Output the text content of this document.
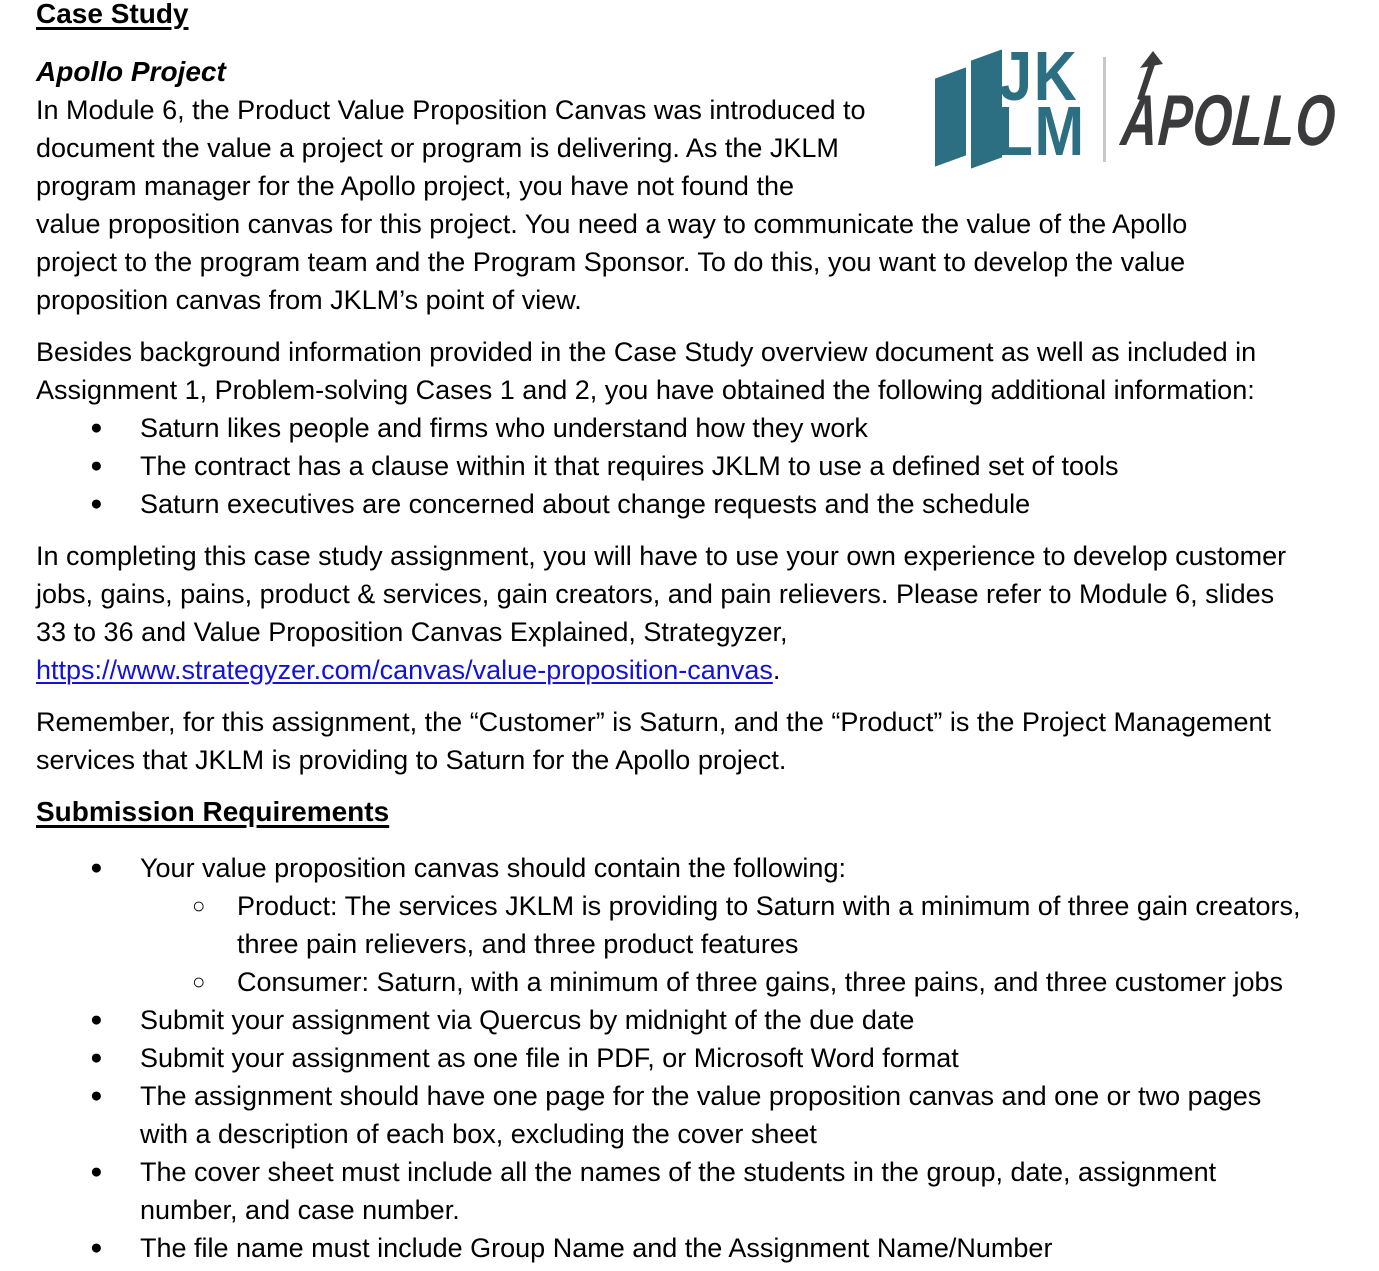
JK
LM APOLLO
Case Study
Apollo Project
In Module 6, the Product Value Proposition Canvas was introduced to
document the value a project or program is delivering. As the JKLM
program manager for the Apollo project, you have not found the
value proposition canvas for this project. You need a way to communicate the value of the Apollo
project to the program team and the Program Sponsor. To do this, you want to develop the value
proposition canvas from JKLM’s point of view.
Besides background information provided in the Case Study overview document as well as included in
Assignment 1, Problem-solving Cases 1 and 2, you have obtained the following additional information:
● Saturn likes people and firms who understand how they work
● The contract has a clause within it that requires JKLM to use a defined set of tools
● Saturn executives are concerned about change requests and the schedule
In completing this case study assignment, you will have to use your own experience to develop customer
jobs, gains, pains, product & services, gain creators, and pain relievers. Please refer to Module 6, slides
33 to 36 and Value Proposition Canvas Explained, Strategyzer,
https://www.strategyzer.com/canvas/value-proposition-canvas.
Remember, for this assignment, the “Customer” is Saturn, and the “Product” is the Project Management
services that JKLM is providing to Saturn for the Apollo project.
Submission Requirements
● Your value proposition canvas should contain the following:
○ Product: The services JKLM is providing to Saturn with a minimum of three gain creators,
three pain relievers, and three product features
○ Consumer: Saturn, with a minimum of three gains, three pains, and three customer jobs
● Submit your assignment via Quercus by midnight of the due date
● Submit your assignment as one file in PDF, or Microsoft Word format
● The assignment should have one page for the value proposition canvas and one or two pages
with a description of each box, excluding the cover sheet
● The cover sheet must include all the names of the students in the group, date, assignment
number, and case number.
● The file name must include Group Name and the Assignment Name/Number
